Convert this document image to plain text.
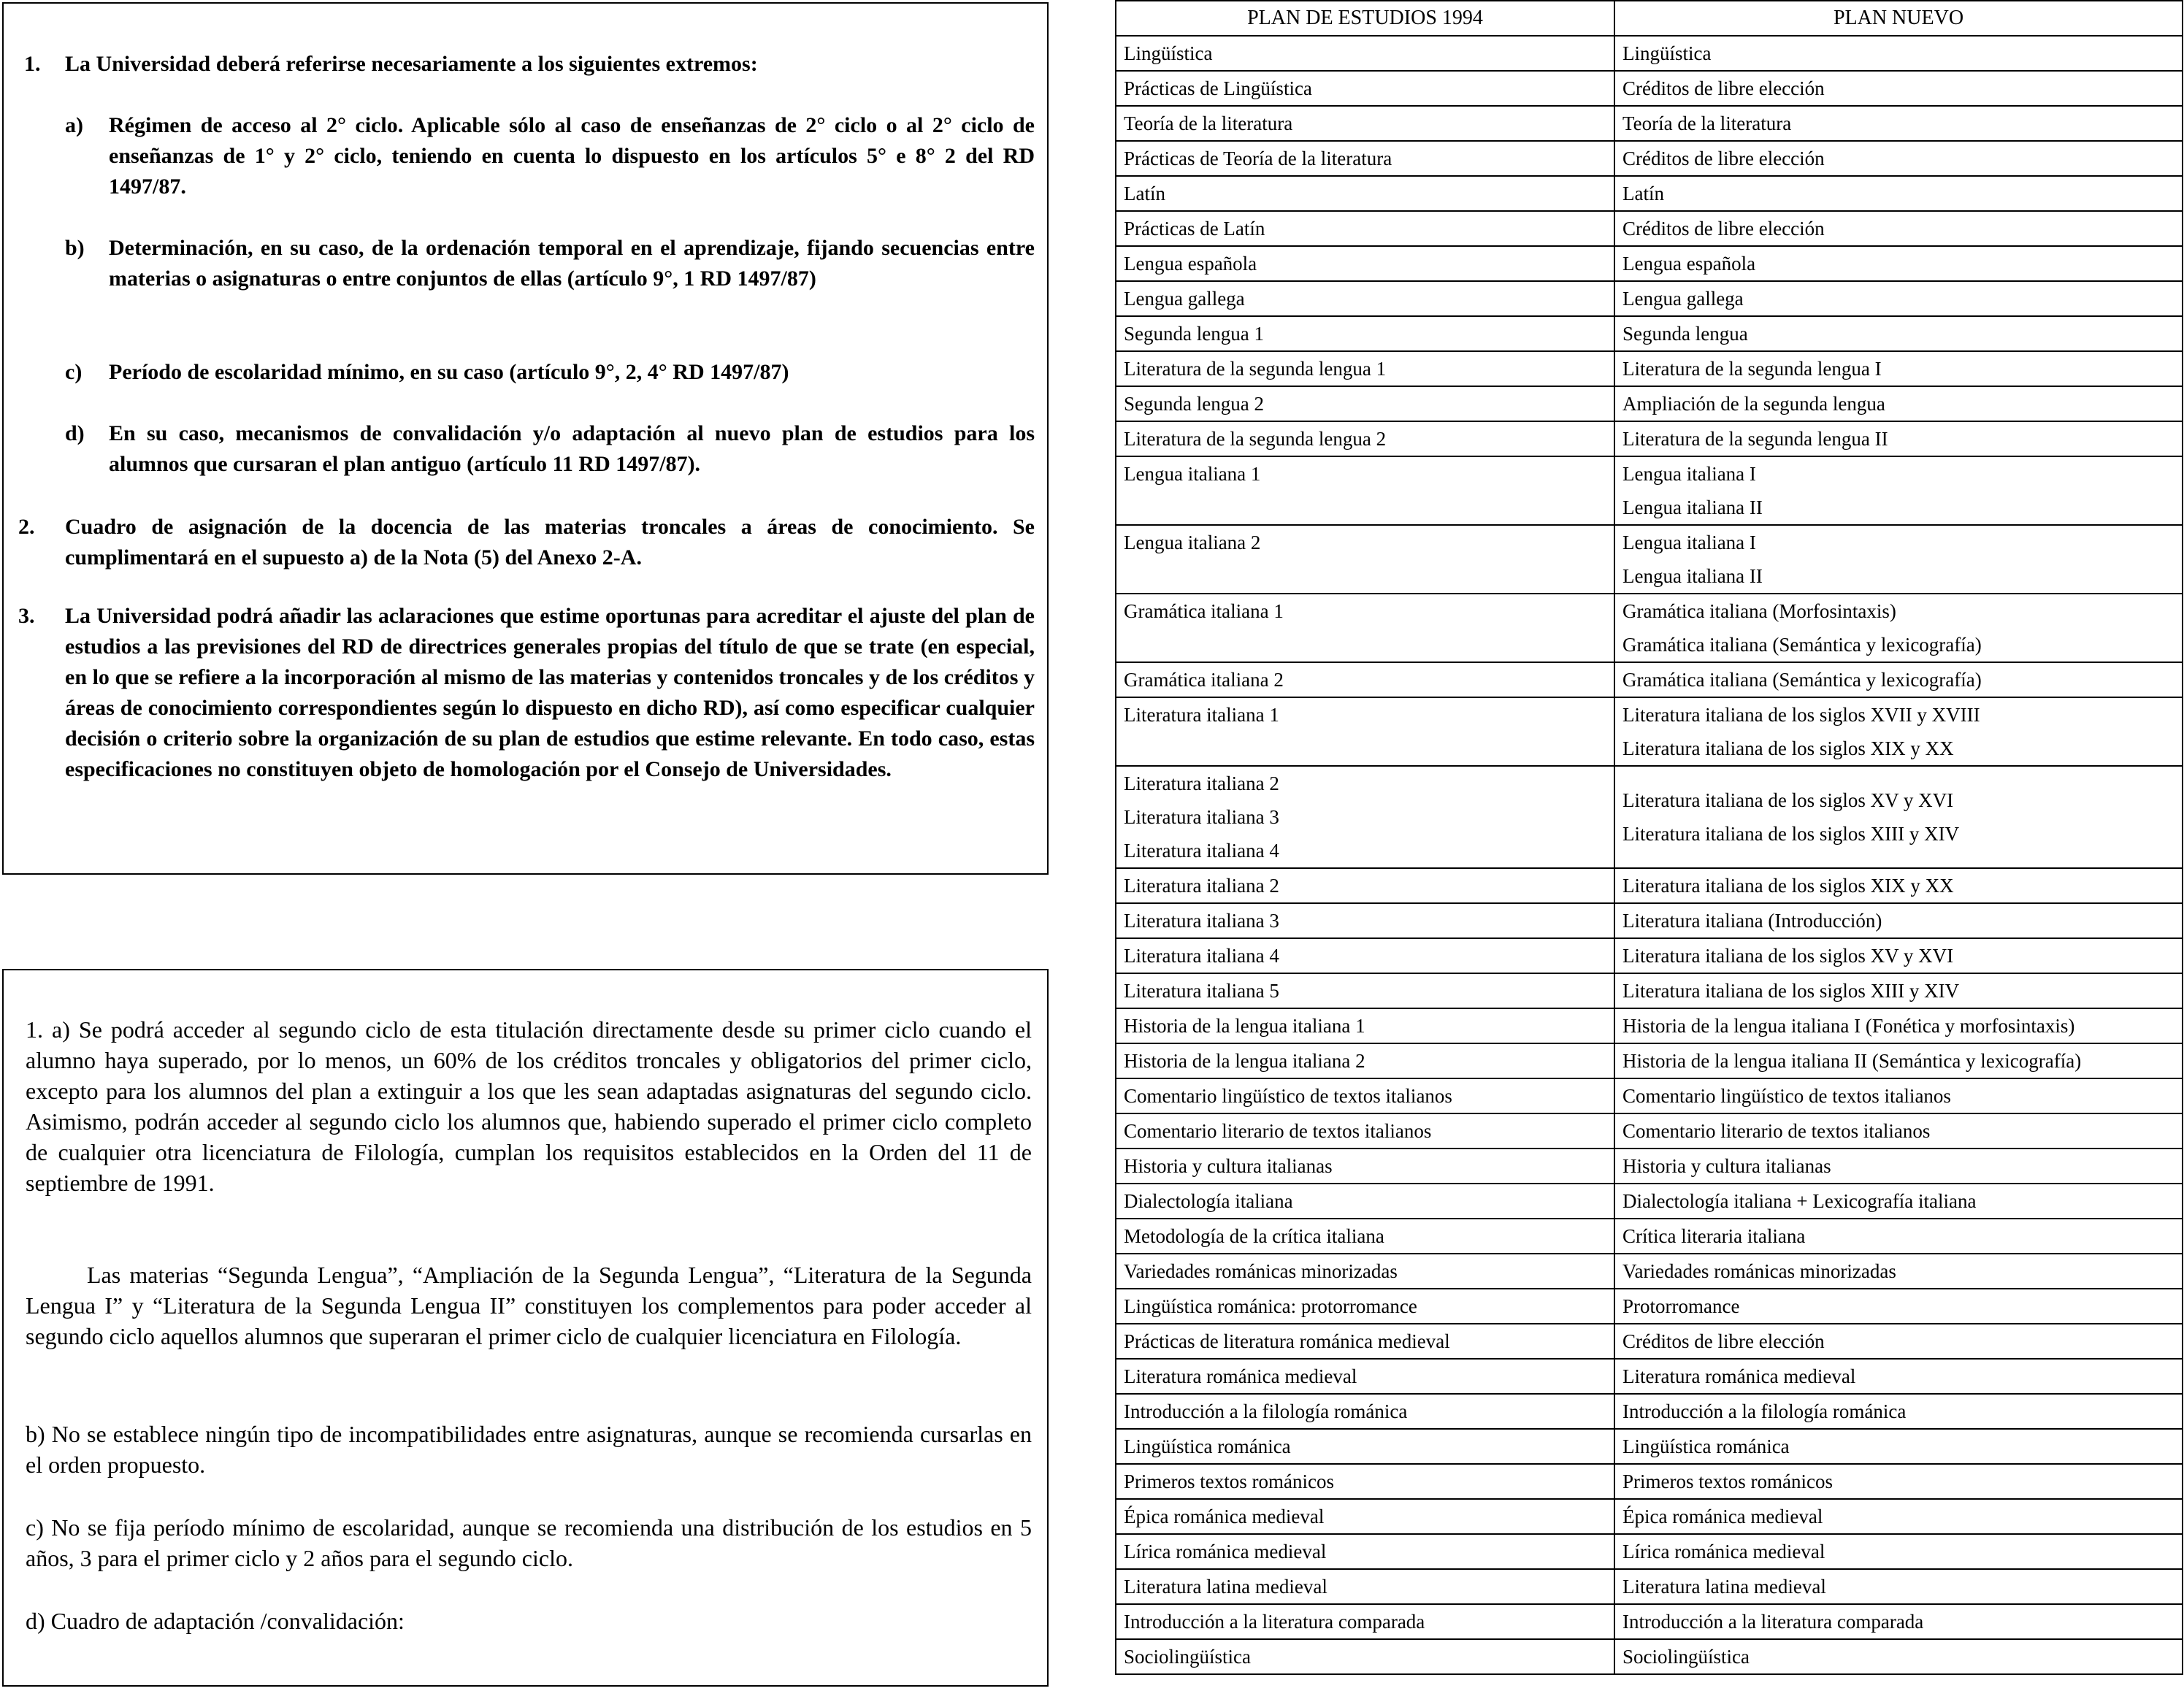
1.	La Universidad deberá referirse necesariamente a los siguientes extremos:
a)	Régimen de acceso al 2° ciclo. Aplicable sólo al caso de enseñanzas de 2° ciclo o al 2° ciclo de enseñanzas de 1° y 2° ciclo, teniendo en cuenta lo dispuesto en los artículos 5° e 8° 2 del RD 1497/87.
b)	Determinación, en su caso, de la ordenación temporal en el aprendizaje, fijando secuencias entre materias o asignaturas o entre conjuntos de ellas (artículo 9°, 1 RD 1497/87)
c)	Período de escolaridad mínimo, en su caso (artículo 9°, 2, 4° RD 1497/87)
d)	En su caso, mecanismos de convalidación y/o adaptación al nuevo plan de estudios para los alumnos que cursaran el plan antiguo (artículo 11 RD 1497/87).
2.	Cuadro de asignación de la docencia de las materias troncales a áreas de conocimiento. Se cumplimentará en el supuesto a) de la Nota (5) del Anexo 2-A.
3.	La Universidad podrá añadir las aclaraciones que estime oportunas para acreditar el ajuste del plan de estudios a las previsiones del RD de directrices generales propias del título de que se trate (en especial, en lo que se refiere a la incorporación al mismo de las materias y contenidos troncales y de los créditos y áreas de conocimiento correspondientes según lo dispuesto en dicho RD), así como especificar cualquier decisión o criterio sobre la organización de su plan de estudios que estime relevante. En todo caso, estas especificaciones no constituyen objeto de homologación por el Consejo de Universidades.
1. a) Se podrá acceder al segundo ciclo de esta titulación directamente desde su primer ciclo cuando el alumno haya superado, por lo menos, un 60% de los créditos troncales y obligatorios del primer ciclo, excepto para los alumnos del plan a extinguir a los que les sean adaptadas asignaturas del segundo ciclo. Asimismo, podrán acceder al segundo ciclo los alumnos que, habiendo superado el primer ciclo completo de cualquier otra licenciatura de Filología, cumplan los requisitos establecidos en la Orden del 11 de septiembre de 1991.
Las materias “Segunda Lengua”, “Ampliación de la Segunda Lengua”, “Literatura de la Segunda Lengua I” y “Literatura de la Segunda Lengua II” constituyen los complementos para poder acceder al segundo ciclo aquellos alumnos que superaran el primer ciclo de cualquier licenciatura en Filología.
b) No se establece ningún tipo de incompatibilidades entre asignaturas, aunque se recomienda cursarlas en el orden propuesto.
c) No se fija período mínimo de escolaridad, aunque se recomienda una distribución de los estudios en 5 años, 3 para el primer ciclo y 2 años para el segundo ciclo.
d) Cuadro de adaptación /convalidación:
PLAN DE ESTUDIOS 1994	PLAN NUEVO

Lingüística	Lingüística

Prácticas de Lingüística	Créditos de libre elección

Teoría de la literatura	Teoría de la literatura

Prácticas de Teoría de la literatura	Créditos de libre elección

Latín	Latín

Prácticas de Latín	Créditos de libre elección

Lengua española	Lengua española

Lengua gallega	Lengua gallega

Segunda lengua 1	Segunda lengua

Literatura de la segunda lengua 1	Literatura de la segunda lengua I

Segunda lengua 2	Ampliación de la segunda lengua

Literatura de la segunda lengua 2	Literatura de la segunda lengua II

Lengua italiana 1	Lengua italiana I
Lengua italiana II

Lengua italiana 2	Lengua italiana I
Lengua italiana II

Gramática italiana 1	Gramática italiana (Morfosintaxis)
Gramática italiana (Semántica y lexicografía)

Gramática italiana 2	Gramática italiana (Semántica y lexicografía)

Literatura italiana 1	Literatura italiana de los siglos XVII y XVIII
Literatura italiana de los siglos XIX y XX

Literatura italiana 2
Literatura italiana 3
Literatura italiana 4	Literatura italiana de los siglos XV y XVI
Literatura italiana de los siglos XIII y XIV

Literatura italiana 2	Literatura italiana de los siglos XIX y XX

Literatura italiana 3	Literatura italiana (Introducción)

Literatura italiana 4	Literatura italiana de los siglos XV y XVI

Literatura italiana 5	Literatura italiana de los siglos XIII y XIV

Historia de la lengua italiana 1	Historia de la lengua italiana I (Fonética y morfosintaxis)

Historia de la lengua italiana 2	Historia de la lengua italiana II (Semántica y lexicografía)

Comentario lingüístico de textos italianos	Comentario lingüístico de textos italianos

Comentario literario de textos italianos	Comentario literario de textos italianos

Historia y cultura italianas	Historia y cultura italianas

Dialectología italiana	Dialectología italiana + Lexicografía italiana

Metodología de la crítica italiana	Crítica literaria italiana

Variedades románicas minorizadas	Variedades románicas minorizadas

Lingüística románica: protorromance	Protorromance

Prácticas de literatura románica medieval	Créditos de libre elección

Literatura románica medieval	Literatura románica medieval

Introducción a la filología románica	Introducción a la filología románica

Lingüística románica	Lingüística románica

Primeros textos románicos	Primeros textos románicos

Épica románica medieval	Épica románica medieval

Lírica románica medieval	Lírica románica medieval

Literatura latina medieval	Literatura latina medieval

Introducción a la literatura comparada	Introducción a la literatura comparada

Sociolingüística	Sociolingüística
